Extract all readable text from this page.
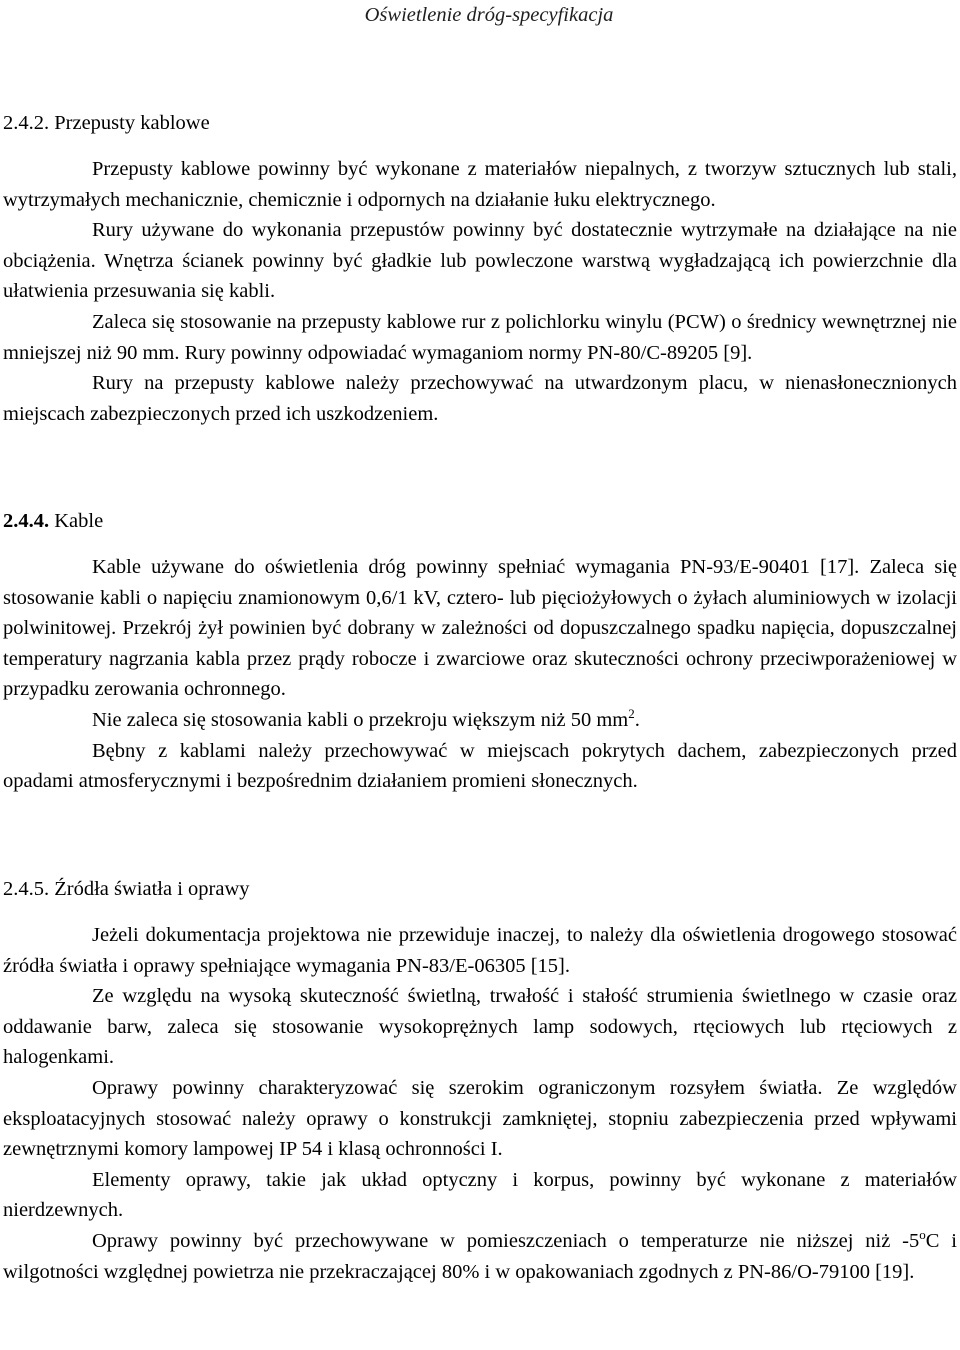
Oświetlenie dróg-specyfikacja
2.4.2. Przepusty kablowe

Przepusty kablowe powinny być wykonane z materiałów niepalnych, z tworzyw sztucznych lub stali, wytrzymałych mechanicznie, chemicznie i odpornych na działanie łuku elektrycznego.

Rury używane do wykonania przepustów powinny być dostatecznie wytrzymałe na działające na nie obciążenia. Wnętrza ścianek powinny być gładkie lub powleczone warstwą wygładzającą ich powierzchnie dla ułatwienia przesuwania się kabli.

Zaleca się stosowanie na przepusty kablowe rur z polichlorku winylu (PCW) o średnicy wewnętrznej nie mniejszej niż 90 mm. Rury powinny odpowiadać wymaganiom normy PN-80/C-89205 [9].

Rury na przepusty kablowe należy przechowywać na utwardzonym placu, w nienasłonecznionych miejscach zabezpieczonych przed ich uszkodzeniem.

2.4.4. Kable

Kable używane do oświetlenia dróg powinny spełniać wymagania PN-93/E-90401 [17]. Zaleca się stosowanie kabli o napięciu znamionowym 0,6/1 kV, cztero- lub pięciożyłowych o żyłach aluminiowych w izolacji polwinitowej. Przekrój żył powinien być dobrany w zależności od dopuszczalnego spadku napięcia, dopuszczalnej temperatury nagrzania kabla przez prądy robocze i zwarciowe oraz skuteczności ochrony przeciwporażeniowej w przypadku zerowania ochronnego.

Nie zaleca się stosowania kabli o przekroju większym niż 50 $mm^2$.

Bębny z kablami należy przechowywać w miejscach pokrytych dachem, zabezpieczonych przed opadami atmosferycznymi i bezpośrednim działaniem promieni słonecznych.

2.4.5. Źródła światła i oprawy

Jeżeli dokumentacja projektowa nie przewiduje inaczej, to należy dla oświetlenia drogowego stosować źródła światła i oprawy spełniające wymagania PN-83/E-06305 [15].

Ze względu na wysoką skuteczność świetlną, trwałość i stałość strumienia świetlnego w czasie oraz oddawanie barw, zaleca się stosowanie wysokoprężnych lamp sodowych, rtęciowych lub rtęciowych z halogenkami.

Oprawy powinny charakteryzować się szerokim ograniczonym rozsyłem światła. Ze względów eksploatacyjnych stosować należy oprawy o konstrukcji zamkniętej, stopniu zabezpieczenia przed wpływami zewnętrznymi komory lampowej IP 54 i klasą ochronności I.

Elementy oprawy, takie jak układ optyczny i korpus, powinny być wykonane z materiałów nierdzewnych.

Oprawy powinny być przechowywane w pomieszczeniach o temperaturze nie niższej niż -5$^o$C i wilgotności względnej powietrza nie przekraczającej 80% i w opakowaniach zgodnych z PN-86/O-79100 [19].
